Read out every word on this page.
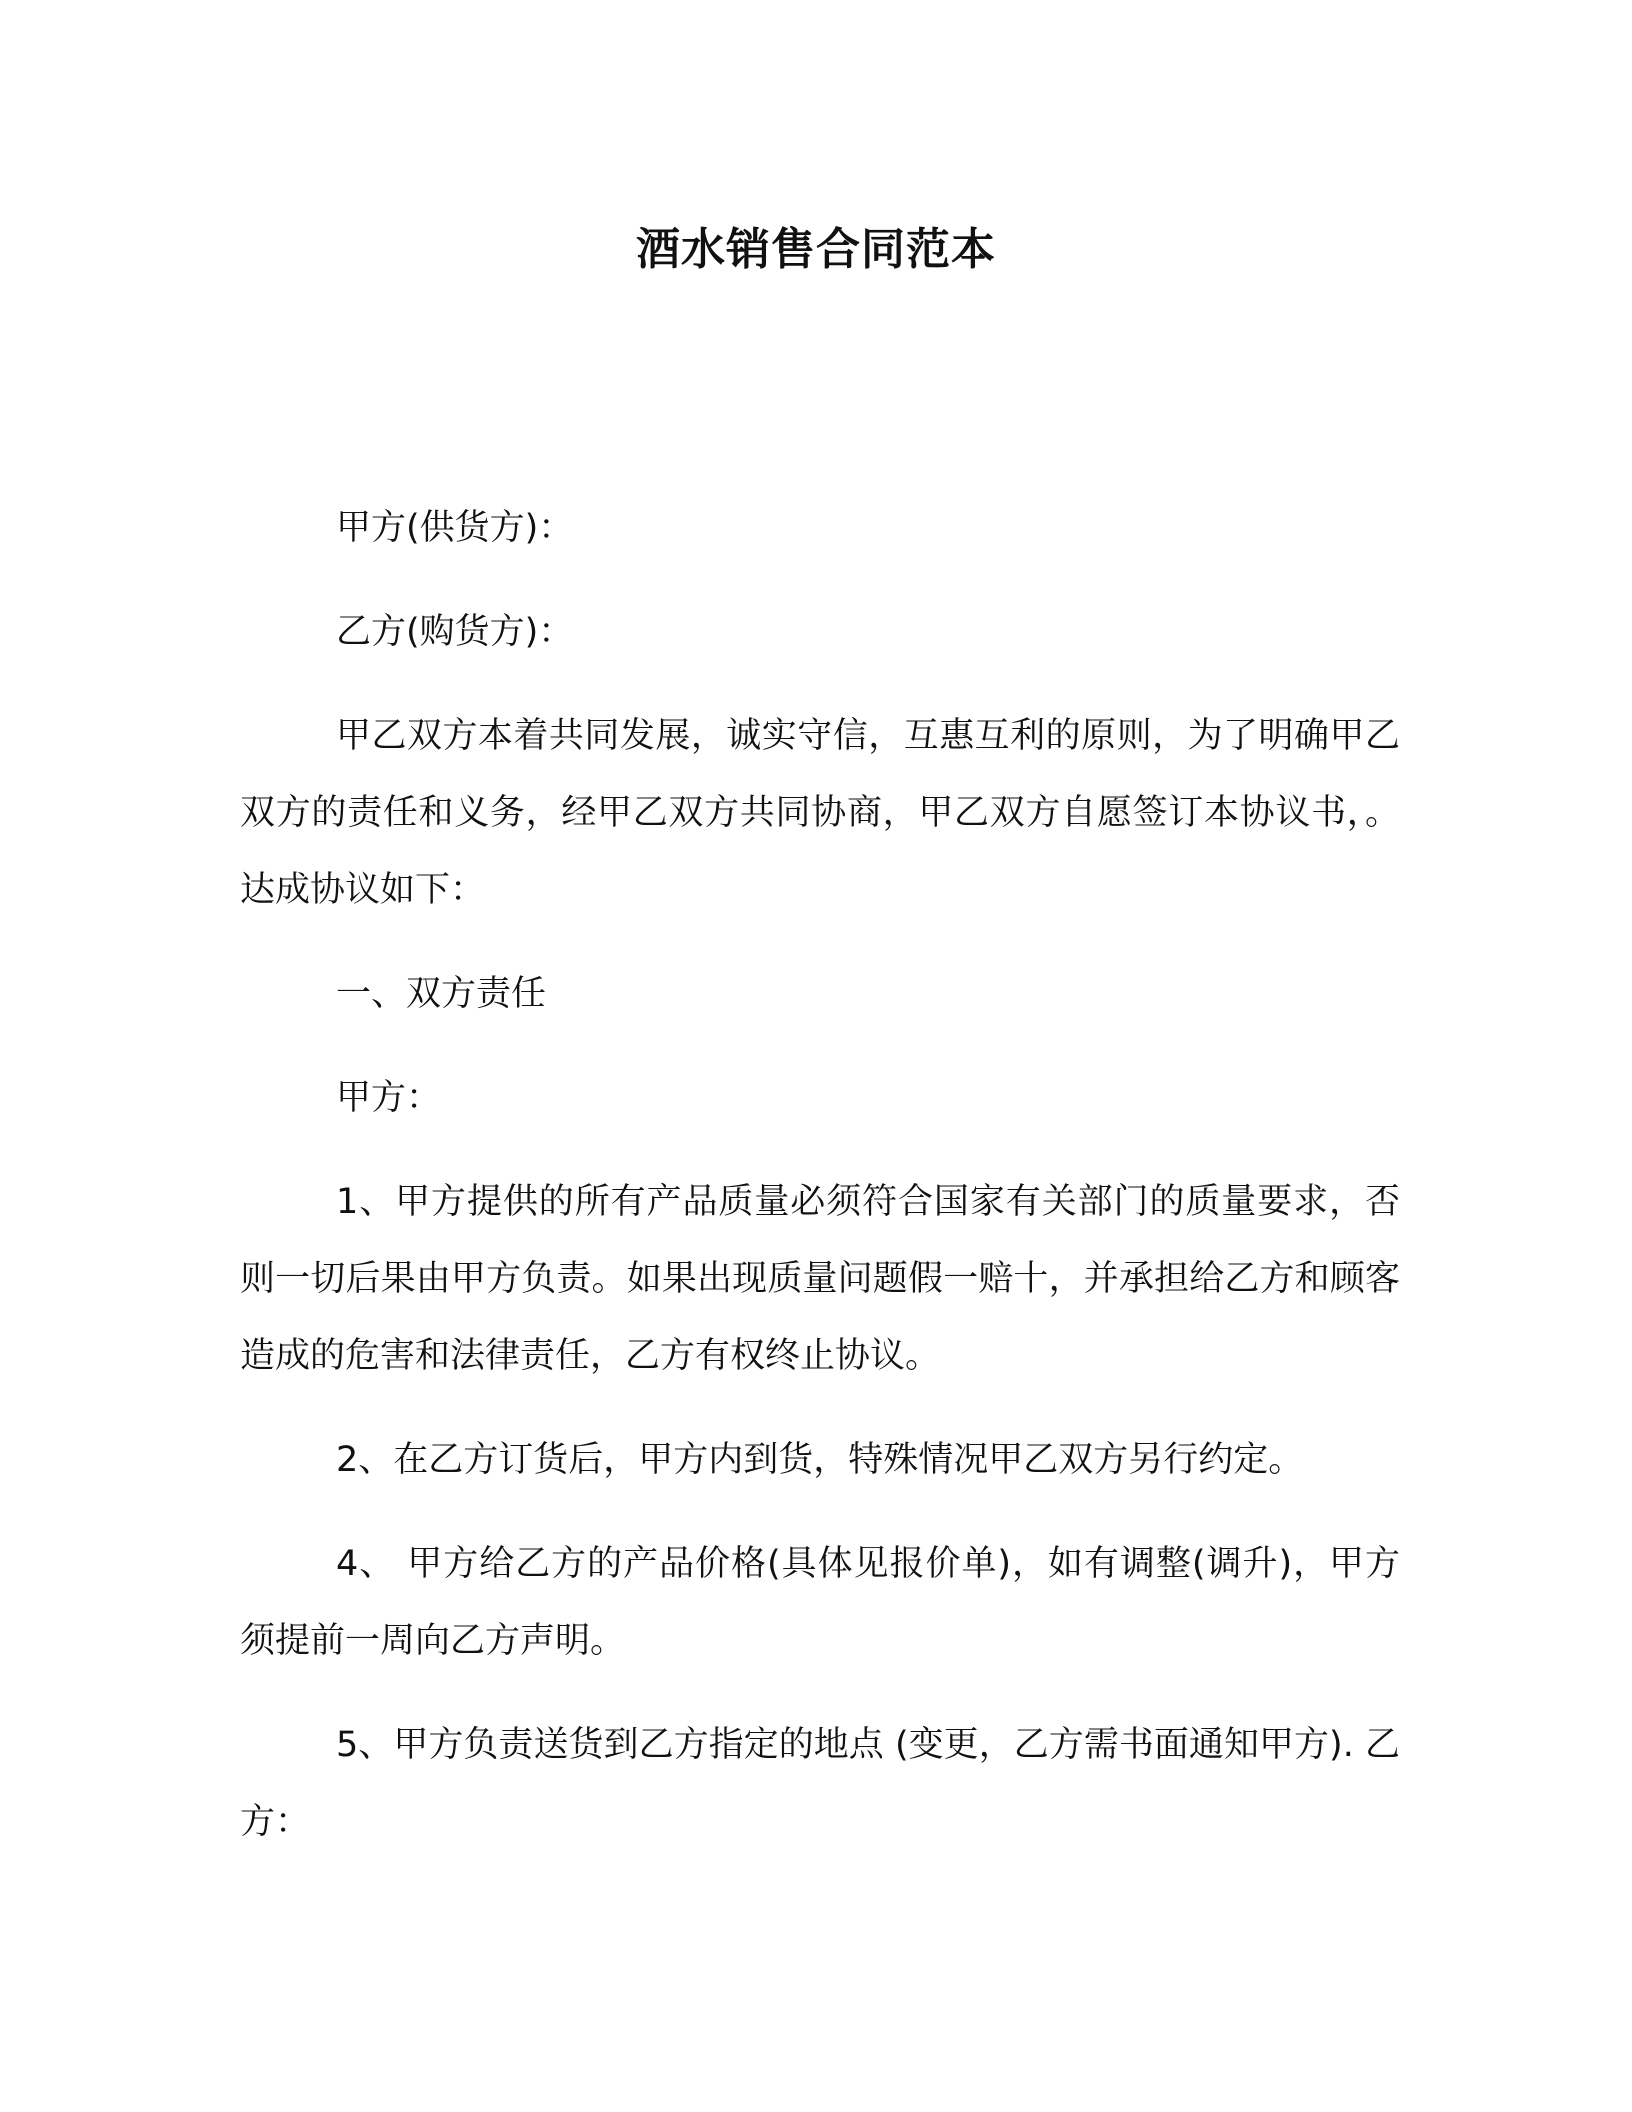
酒水销售合同范本

甲方(供货方)：

乙方(购货方)：

甲乙双方本着共同发展，诚实守信，互惠互利的原则，为了明确甲乙双方的责任和义务，经甲乙双方共同协商，甲乙双方自愿签订本协议书，。达成协议如下：

一、双方责任

甲方：

1、甲方提供的所有产品质量必须符合国家有关部门的质量要求，否则一切后果由甲方负责。如果出现质量问题假一赔十，并承担给乙方和顾客造成的危害和法律责任，乙方有权终止协议。

2、在乙方订货后，甲方内到货，特殊情况甲乙双方另行约定。

4、 甲方给乙方的产品价格(具体见报价单)，如有调整(调升)，甲方须提前一周向乙方声明。

5、甲方负责送货到乙方指定的地点 (变更，乙方需书面通知甲方). 乙方：
